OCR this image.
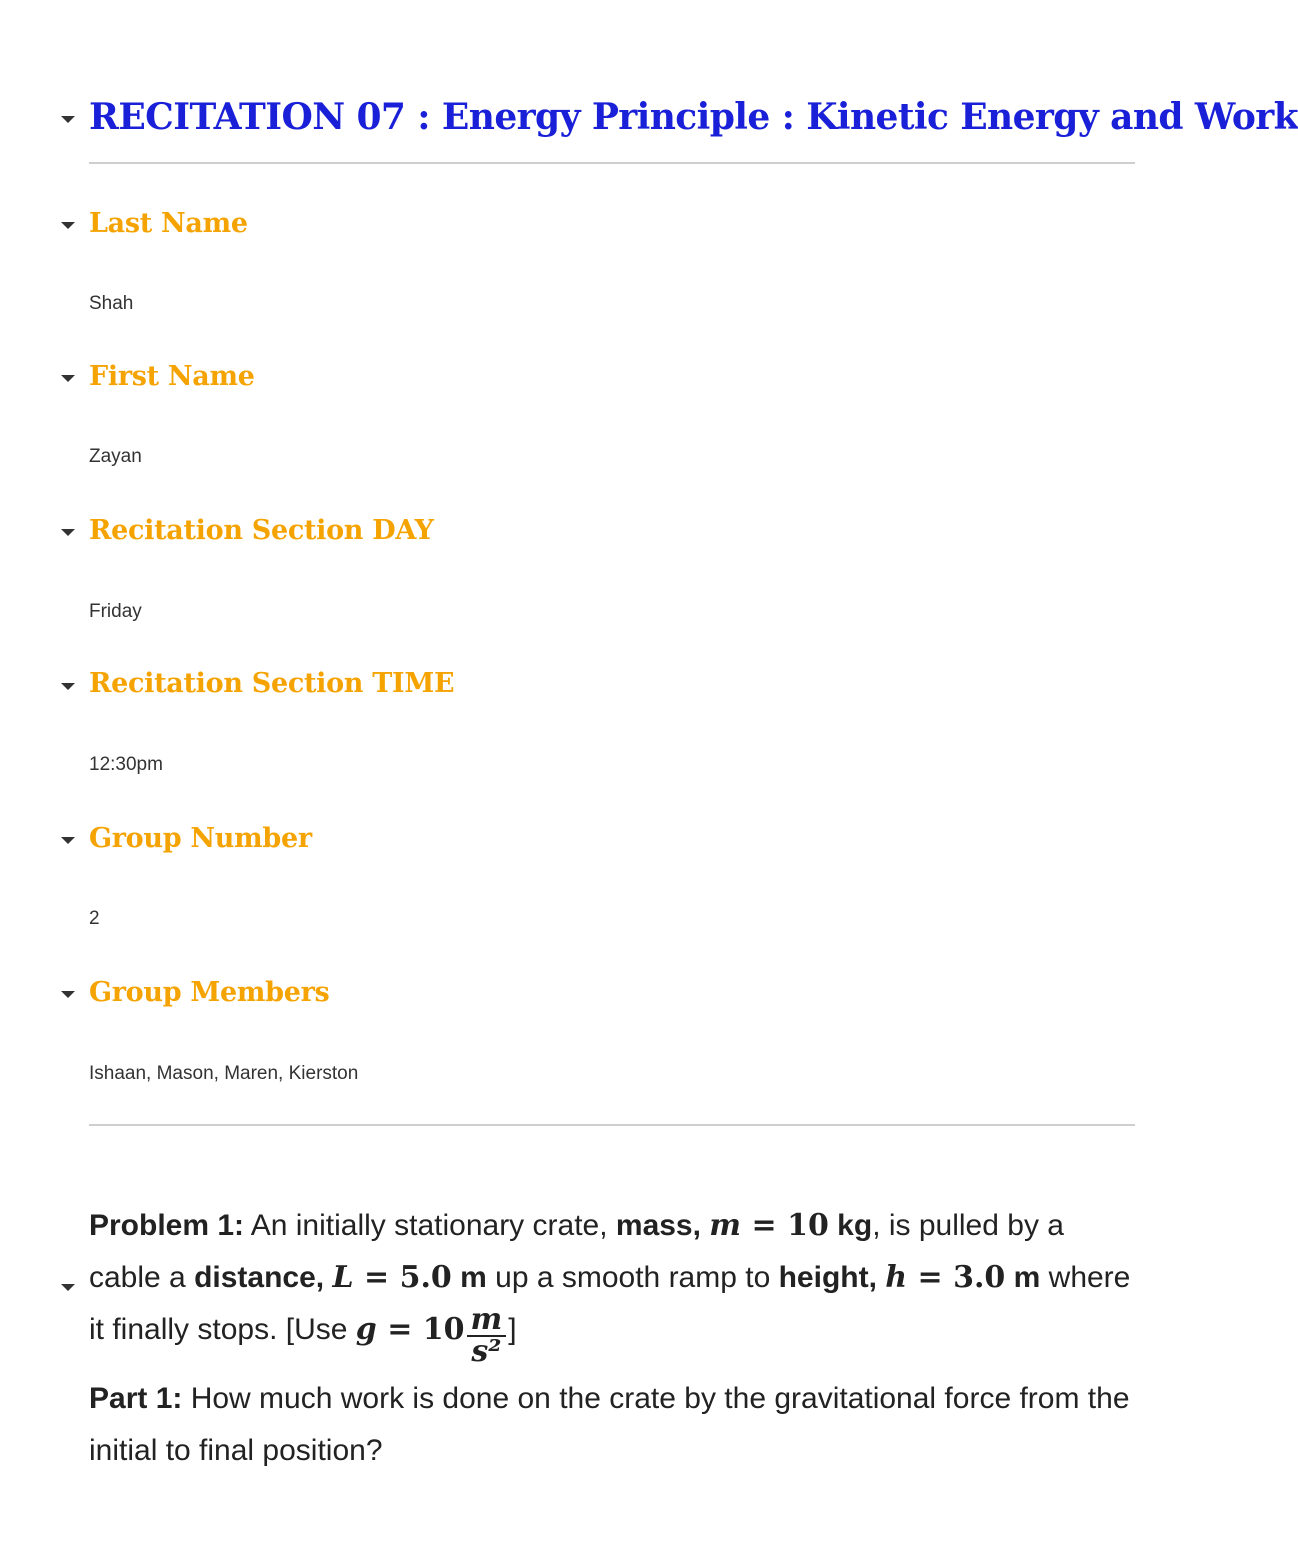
RECITATION 07 : Energy Principle : Kinetic Energy and Work
Last Name
Shah
First Name
Zayan
Recitation Section DAY
Friday
Recitation Section TIME
12:30pm
Group Number
2
Group Members
Ishaan, Mason, Maren, Kierston

Problem 1: An initially stationary crate, mass, m = 10 kg, is pulled by a cable a distance, L = 5.0 m up a smooth ramp to height, h = 3.0 m where it finally stops. [Use $g = 10 \frac{m}{\text{s²}}$ ]

Part 1: How much work is done on the crate by the gravitational force from the initial to final position?
